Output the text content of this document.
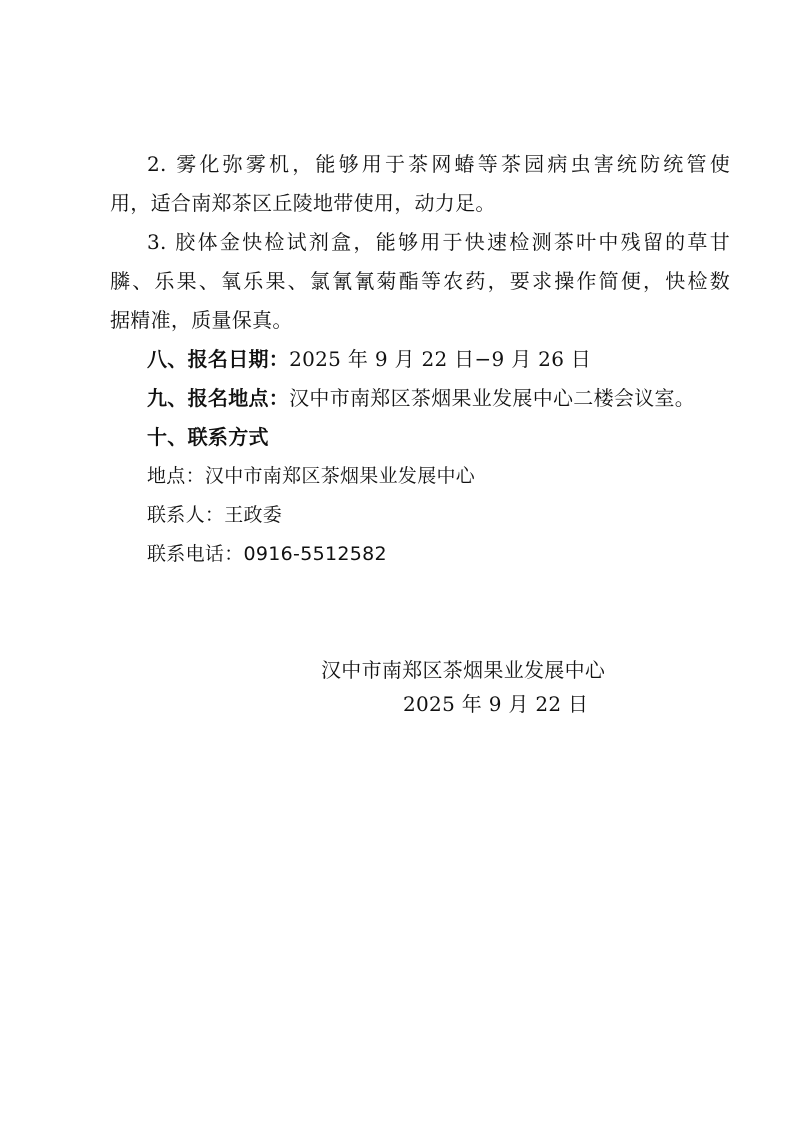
2. 雾化弥雾机，能够用于茶网蝽等茶园病虫害统防统管使
用，适合南郑茶区丘陵地带使用，动力足。
3. 胶体金快检试剂盒，能够用于快速检测茶叶中残留的草甘
膦、乐果、氧乐果、氯氰氰菊酯等农药，要求操作简便，快检数
据精准，质量保真。
八、报名日期：2025 年 9 月 22 日−9 月 26 日
九、报名地点：汉中市南郑区茶烟果业发展中心二楼会议室。
十、联系方式
地点：汉中市南郑区茶烟果业发展中心
联系人：王政委
联系电话：0916-5512582
汉中市南郑区茶烟果业发展中心
2025 年 9 月 22 日
